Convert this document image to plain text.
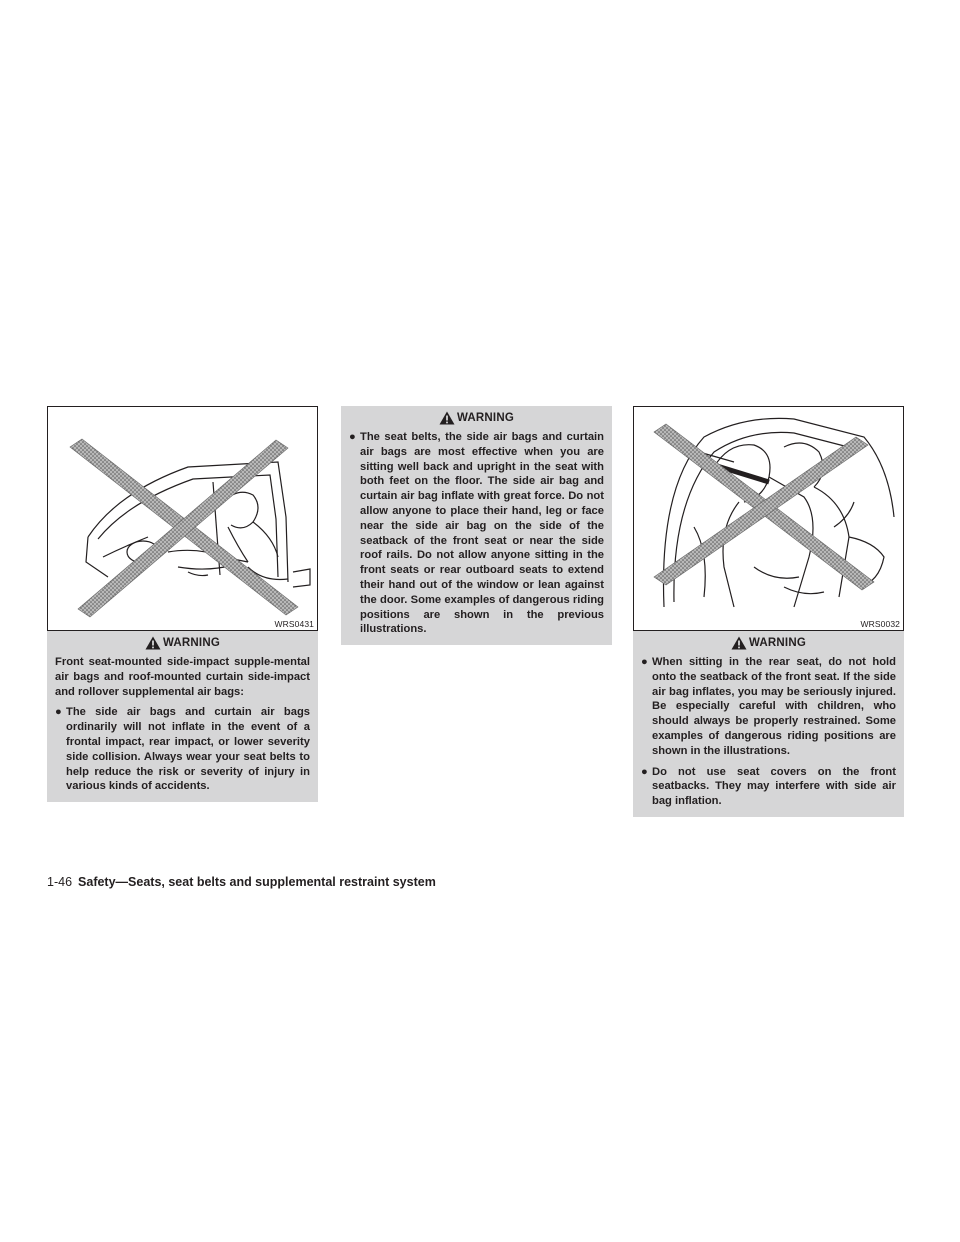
WRS0431
WARNING

Front seat-mounted side-impact supple-mental air bags and roof-mounted curtain side-impact and rollover supplemental air bags:

● The side air bags and curtain air bags ordinarily will not inflate in the event of a frontal impact, rear impact, or lower severity side collision. Always wear your seat belts to help reduce the risk or severity of injury in various kinds of accidents.
WARNING
● The seat belts, the side air bags and curtain air bags are most effective when you are sitting well back and upright in the seat with both feet on the floor. The side air bag and curtain air bag inflate with great force. Do not allow anyone to place their hand, leg or face near the side air bag on the side of the seatback of the front seat or near the side roof rails. Do not allow anyone sitting in the front seats or rear outboard seats to extend their hand out of the window or lean against the door. Some examples of dangerous riding positions are shown in the previous illustrations.	WRS0032
WARNING
● When sitting in the rear seat, do not hold onto the seatback of the front seat. If the side air bag inflates, you may be seriously injured. Be especially careful with children, who should always be properly restrained. Some examples of dangerous riding positions are shown in the illustrations.
● Do not use seat covers on the front seatbacks. They may interfere with side air bag inflation.
1-46 Safety—Seats, seat belts and supplemental restraint system
